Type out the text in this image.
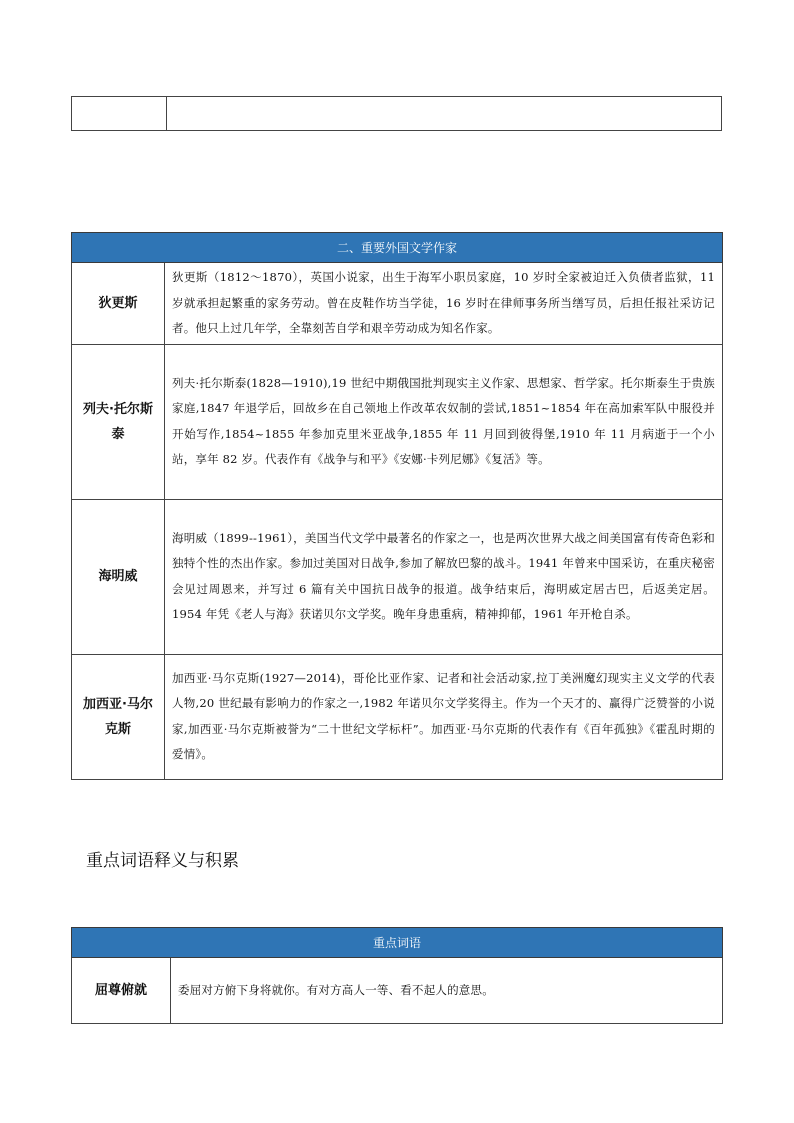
二、重要外国文学作家	
狄更斯	狄更斯（1812～1870），英国小说家，出生于海军小职员家庭，10 岁时全家被迫迁入负债者监狱，11 岁就承担起繁重的家务劳动。曾在皮鞋作坊当学徒，16 岁时在律师事务所当缮写员，后担任报社采访记者。他只上过几年学，全靠刻苦自学和艰辛劳动成为知名作家。
列夫·托尔斯泰	列夫·托尔斯泰(1828—1910),19 世纪中期俄国批判现实主义作家、思想家、哲学家。托尔斯泰生于贵族家庭,1847 年退学后，回故乡在自己领地上作改革农奴制的尝试,1851~1854 年在高加索军队中服役并开始写作,1854~1855 年参加克里米亚战争,1855 年 11 月回到彼得堡,1910 年 11 月病逝于一个小站，享年 82 岁。代表作有《战争与和平》《安娜·卡列尼娜》《复活》等。
海明威	海明威（1899--1961），美国当代文学中最著名的作家之一，也是两次世界大战之间美国富有传奇色彩和独特个性的杰出作家。参加过美国对日战争,参加了解放巴黎的战斗。1941 年曾来中国采访，在重庆秘密会见过周恩来，并写过 6 篇有关中国抗日战争的报道。战争结束后，海明威定居古巴，后返美定居。1954 年凭《老人与海》获诺贝尔文学奖。晚年身患重病，精神抑郁，1961 年开枪自杀。
加西亚·马尔克斯	加西亚·马尔克斯(1927—2014)，哥伦比亚作家、记者和社会活动家,拉丁美洲魔幻现实主义文学的代表人物,20 世纪最有影响力的作家之一,1982 年诺贝尔文学奖得主。作为一个天才的、赢得广泛赞誉的小说家,加西亚·马尔克斯被誉为“二十世纪文学标杆”。加西亚·马尔克斯的代表作有《百年孤独》《霍乱时期的爱情》。
重点词语释义与积累
重点词语
屈尊俯就	委屈对方俯下身将就你。有对方高人一等、看不起人的意思。
